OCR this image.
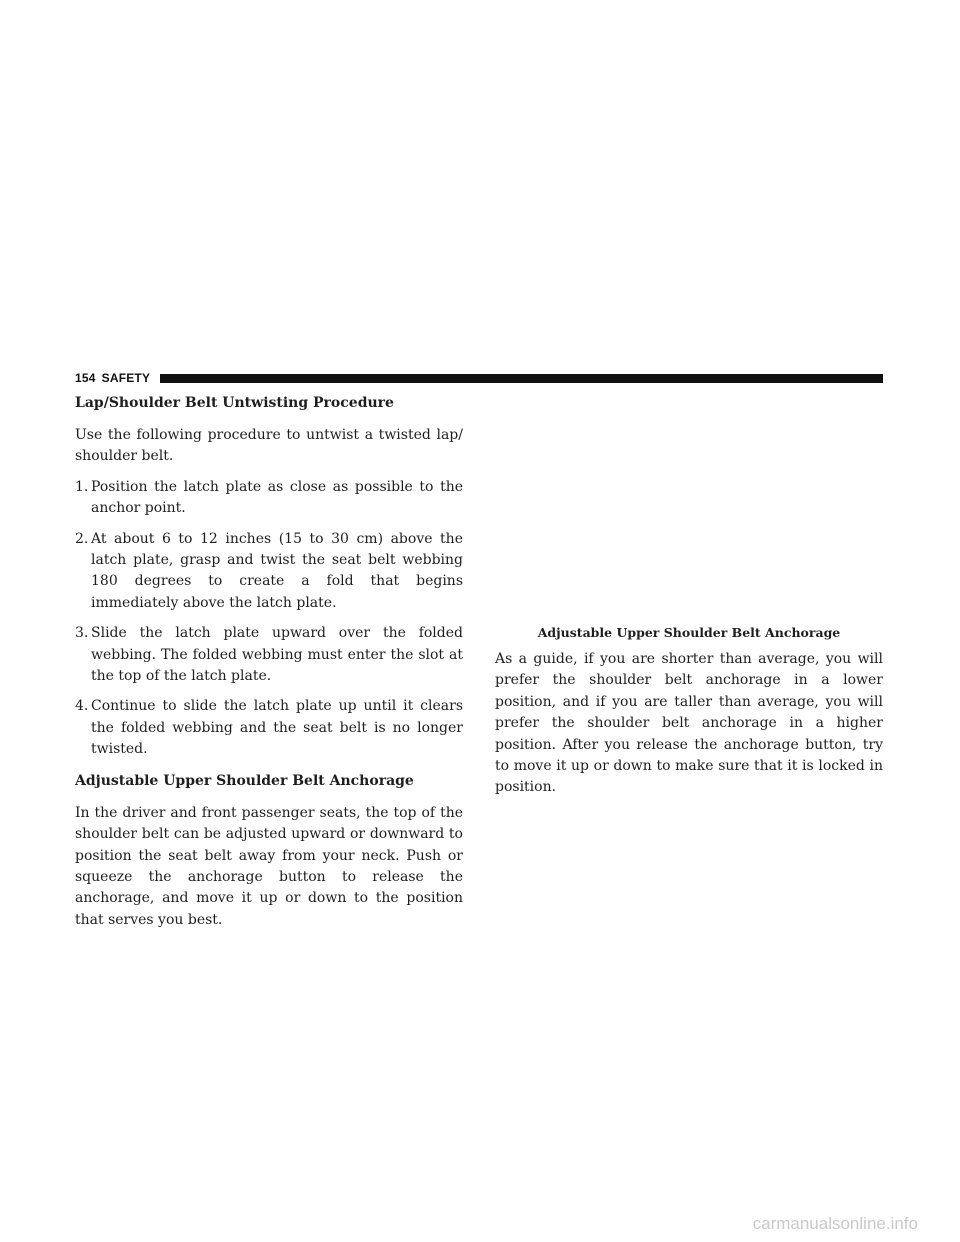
154 SAFETY
Lap/Shoulder Belt Untwisting Procedure

Use the following procedure to untwist a twisted lap/ shoulder belt.

1. Position the latch plate as close as possible to the anchor point.
2. At about 6 to 12 inches (15 to 30 cm) above the latch plate, grasp and twist the seat belt webbing 180 degrees to create a fold that begins immediately above the latch plate.
3. Slide the latch plate upward over the folded webbing. The folded webbing must enter the slot at the top of the latch plate.
4. Continue to slide the latch plate up until it clears the folded webbing and the seat belt is no longer twisted.
Adjustable Upper Shoulder Belt Anchorage

In the driver and front passenger seats, the top of the shoulder belt can be adjusted upward or downward to position the seat belt away from your neck. Push or squeeze the anchorage button to release the anchorage, and move it up or down to the position that serves you best.

Adjustable Upper Shoulder Belt Anchorage

As a guide, if you are shorter than average, you will prefer the shoulder belt anchorage in a lower position, and if you are taller than average, you will prefer the shoulder belt anchorage in a higher position. After you release the anchorage button, try to move it up or down to make sure that it is locked in position.

carmanualsonline.info
